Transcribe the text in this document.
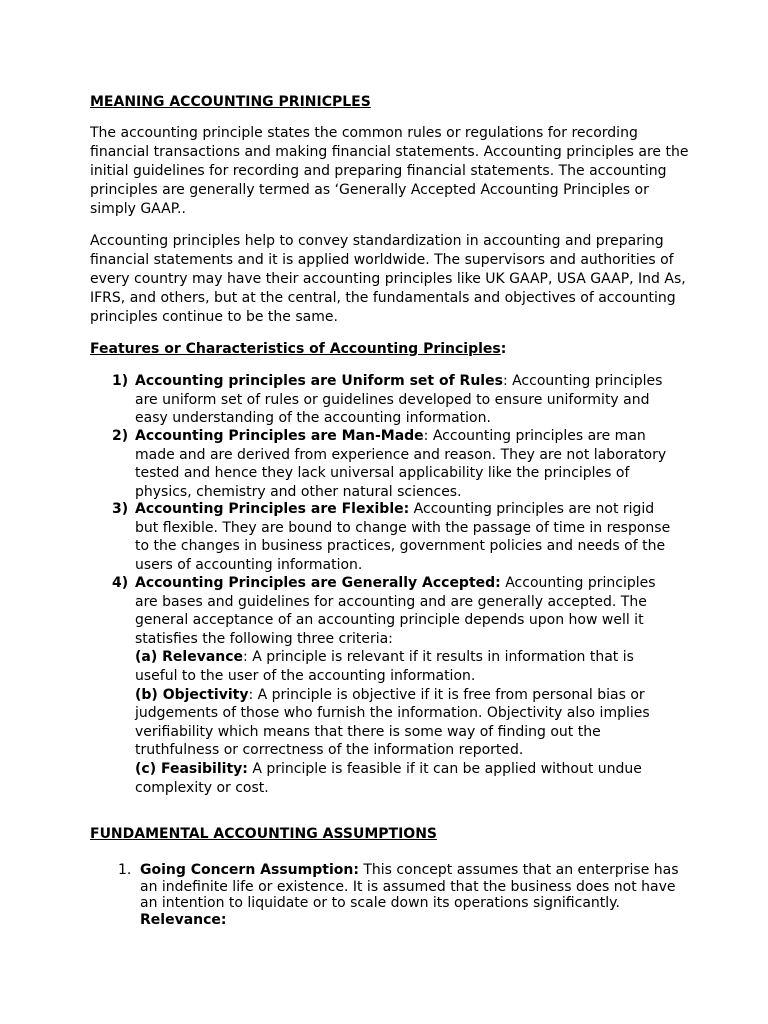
MEANING ACCOUNTING PRINICPLES

The accounting principle states the common rules or regulations for recording financial transactions and making financial statements. Accounting principles are the initial guidelines for recording and preparing financial statements. The accounting principles are generally termed as ‘Generally Accepted Accounting Principles or simply GAAP..

Accounting principles help to convey standardization in accounting and preparing financial statements and it is applied worldwide. The supervisors and authorities of every country may have their accounting principles like UK GAAP, USA GAAP, Ind As, IFRS, and others, but at the central, the fundamentals and objectives of accounting principles continue to be the same.

Features or Characteristics of Accounting Principles:
1) Accounting principles are Uniform set of Rules: Accounting principles are uniform set of rules or guidelines developed to ensure uniformity and easy understanding of the accounting information.
2) Accounting Principles are Man-Made: Accounting principles are man made and are derived from experience and reason. They are not laboratory tested and hence they lack universal applicability like the principles of physics, chemistry and other natural sciences.
3) Accounting Principles are Flexible: Accounting principles are not rigid but flexible. They are bound to change with the passage of time in response to the changes in business practices, government policies and needs of the users of accounting information.
4) Accounting Principles are Generally Accepted: Accounting principles are bases and guidelines for accounting and are generally accepted. The general acceptance of an accounting principle depends upon how well it statisfies the following three criteria:
(a) Relevance: A principle is relevant if it results in information that is useful to the user of the accounting information.
(b) Objectivity: A principle is objective if it is free from personal bias or judgements of those who furnish the information. Objectivity also implies verifiability which means that there is some way of finding out the truthfulness or correctness of the information reported.
(c) Feasibility: A principle is feasible if it can be applied without undue complexity or cost.
FUNDAMENTAL ACCOUNTING ASSUMPTIONS
1. Going Concern Assumption: This concept assumes that an enterprise has an indefinite life or existence. It is assumed that the business does not have an intention to liquidate or to scale down its operations significantly.
Relevance:
